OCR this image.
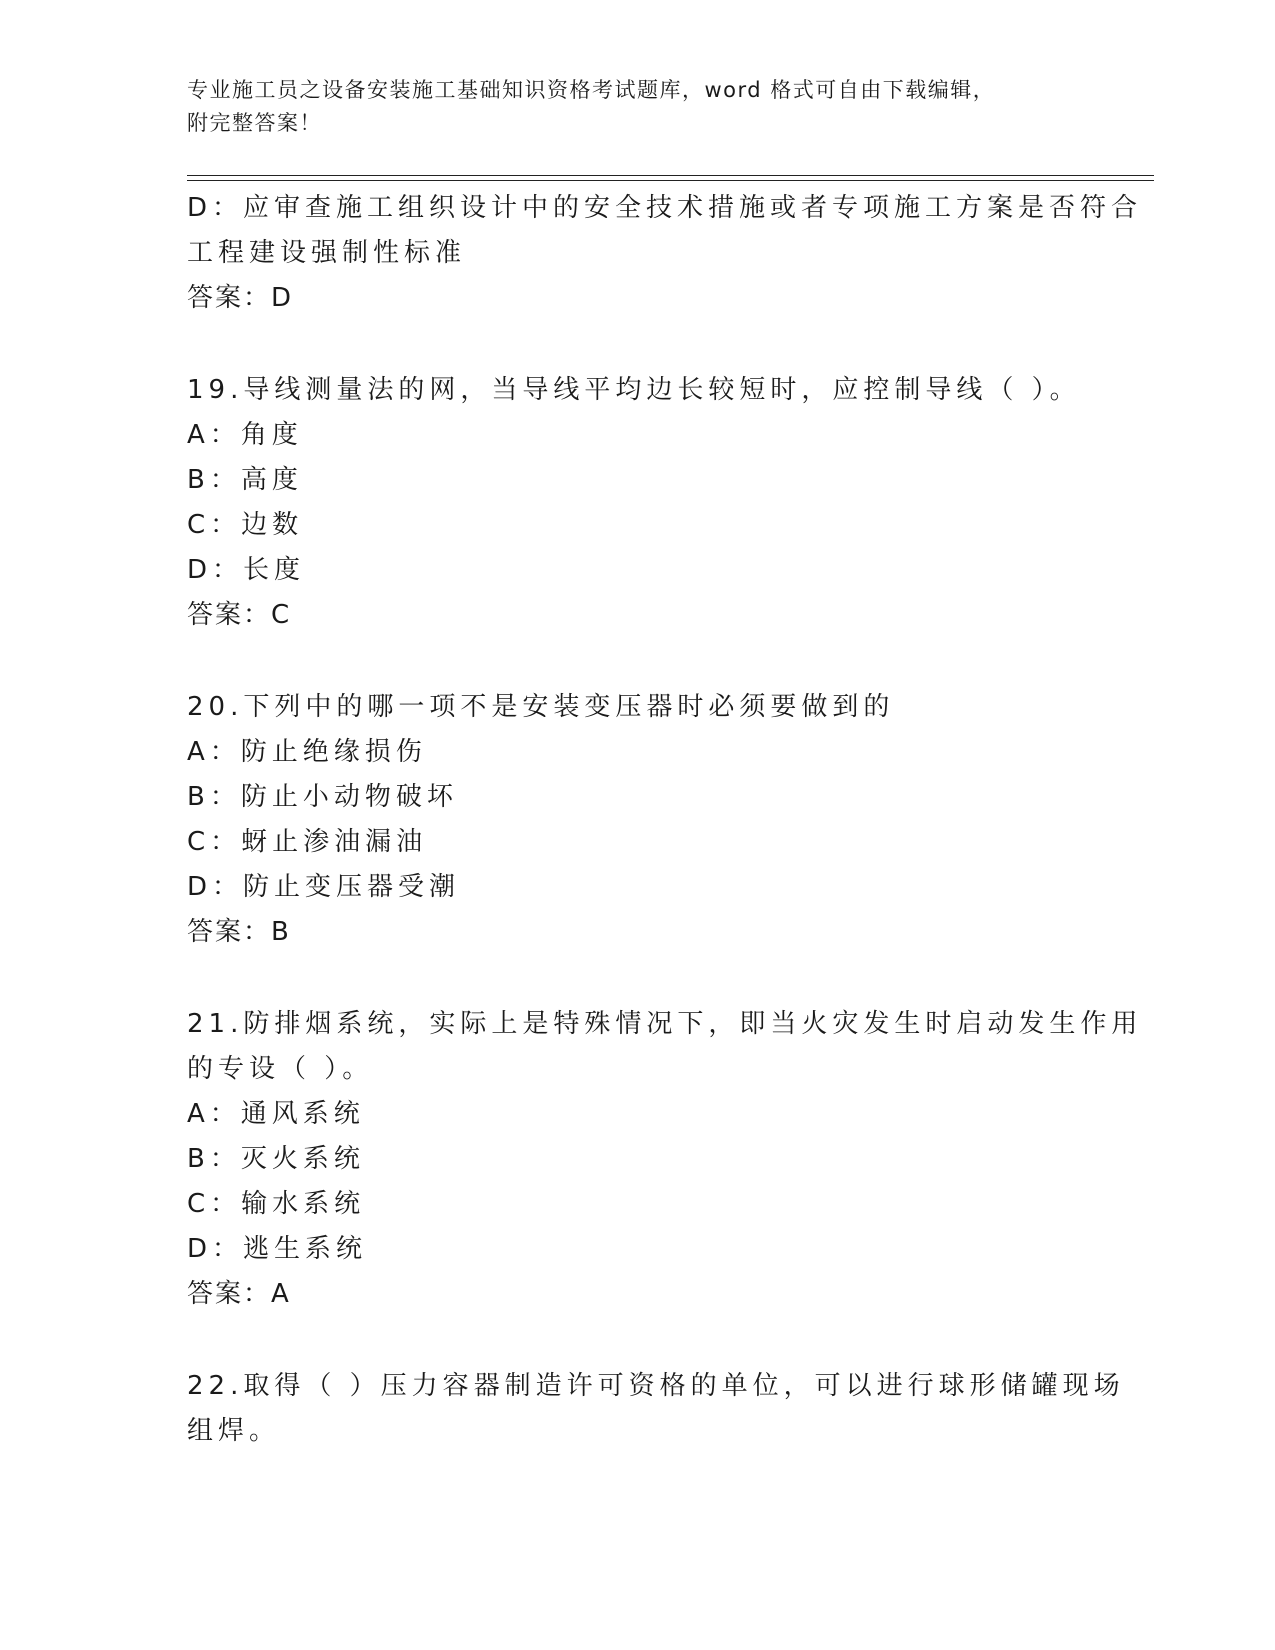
专业施工员之设备安装施工基础知识资格考试题库，word 格式可自由下载编辑，
附完整答案！
D：应审查施工组织设计中的安全技术措施或者专项施工方案是否符合
工程建设强制性标准
答案：D
19.导线测量法的网，当导线平均边长较短时，应控制导线（ ）。
A：角度
B：高度
C：边数
D：长度
答案：C
20.下列中的哪一项不是安装变压器时必须要做到的
A：防止绝缘损伤
B：防止小动物破坏
C：蚜止渗油漏油
D：防止变压器受潮
答案：B
21.防排烟系统，实际上是特殊情况下，即当火灾发生时启动发生作用
的专设（ ）。
A：通风系统
B：灭火系统
C：输水系统
D：逃生系统
答案：A
22.取得（ ）压力容器制造许可资格的单位，可以进行球形储罐现场
组焊。
